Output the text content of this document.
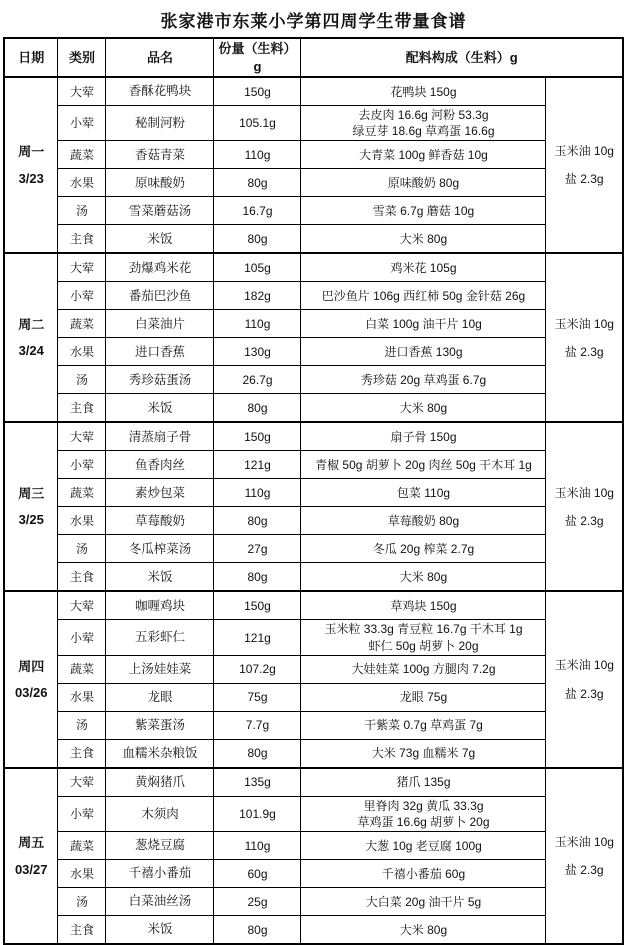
张家港市东莱小学第四周学生带量食谱
日期	类别	品名	份量（生料）g	配料构成（生料）g	

周一
3/23	大荤	香酥花鸭块	150g	花鸭块 150g	玉米油 10g
盐 2.3g

	小荤	秘制河粉	105.1g	去皮肉 16.6g 河粉 53.3g
绿豆芽 18.6g 草鸡蛋 16.6g	

	蔬菜	香菇青菜	110g	大青菜 100g 鲜香菇 10g	

	水果	原味酸奶	80g	原味酸奶 80g	

	汤	雪菜蘑菇汤	16.7g	雪菜 6.7g 蘑菇 10g	

	主食	米饭	80g	大米 80g	

周二
3/24	大荤	劲爆鸡米花	105g	鸡米花 105g	玉米油 10g
盐 2.3g

	小荤	番茄巴沙鱼	182g	巴沙鱼片 106g 西红柿 50g 金针菇 26g	

	蔬菜	白菜油片	110g	白菜 100g 油干片 10g	

	水果	进口香蕉	130g	进口香蕉 130g	

	汤	秀珍菇蛋汤	26.7g	秀珍菇 20g 草鸡蛋 6.7g	

	主食	米饭	80g	大米 80g	

周三
3/25	大荤	清蒸扇子骨	150g	扇子骨 150g	玉米油 10g
盐 2.3g

	小荤	鱼香肉丝	121g	青椒 50g 胡萝卜 20g 肉丝 50g 干木耳 1g	

	蔬菜	素炒包菜	110g	包菜 110g	

	水果	草莓酸奶	80g	草莓酸奶 80g	

	汤	冬瓜榨菜汤	27g	冬瓜 20g 榨菜 2.7g	

	主食	米饭	80g	大米 80g	

周四
03/26	大荤	咖喱鸡块	150g	草鸡块 150g	玉米油 10g
盐 2.3g

	小荤	五彩虾仁	121g	玉米粒 33.3g 青豆粒 16.7g 干木耳 1g
虾仁 50g 胡萝卜 20g	

	蔬菜	上汤娃娃菜	107.2g	大娃娃菜 100g 方腿肉 7.2g	

	水果	龙眼	75g	龙眼 75g	

	汤	紫菜蛋汤	7.7g	干紫菜 0.7g 草鸡蛋 7g	

	主食	血糯米杂粮饭	80g	大米 73g 血糯米 7g	

周五
03/27	大荤	黄焖猪爪	135g	猪爪 135g	玉米油 10g
盐 2.3g

	小荤	木须肉	101.9g	里脊肉 32g 黄瓜 33.3g
草鸡蛋 16.6g 胡萝卜 20g	

	蔬菜	葱烧豆腐	110g	大葱 10g 老豆腐 100g	

	水果	千禧小番茄	60g	千禧小番茄 60g	

	汤	白菜油丝汤	25g	大白菜 20g 油干片 5g	

	主食	米饭	80g	大米 80g	
